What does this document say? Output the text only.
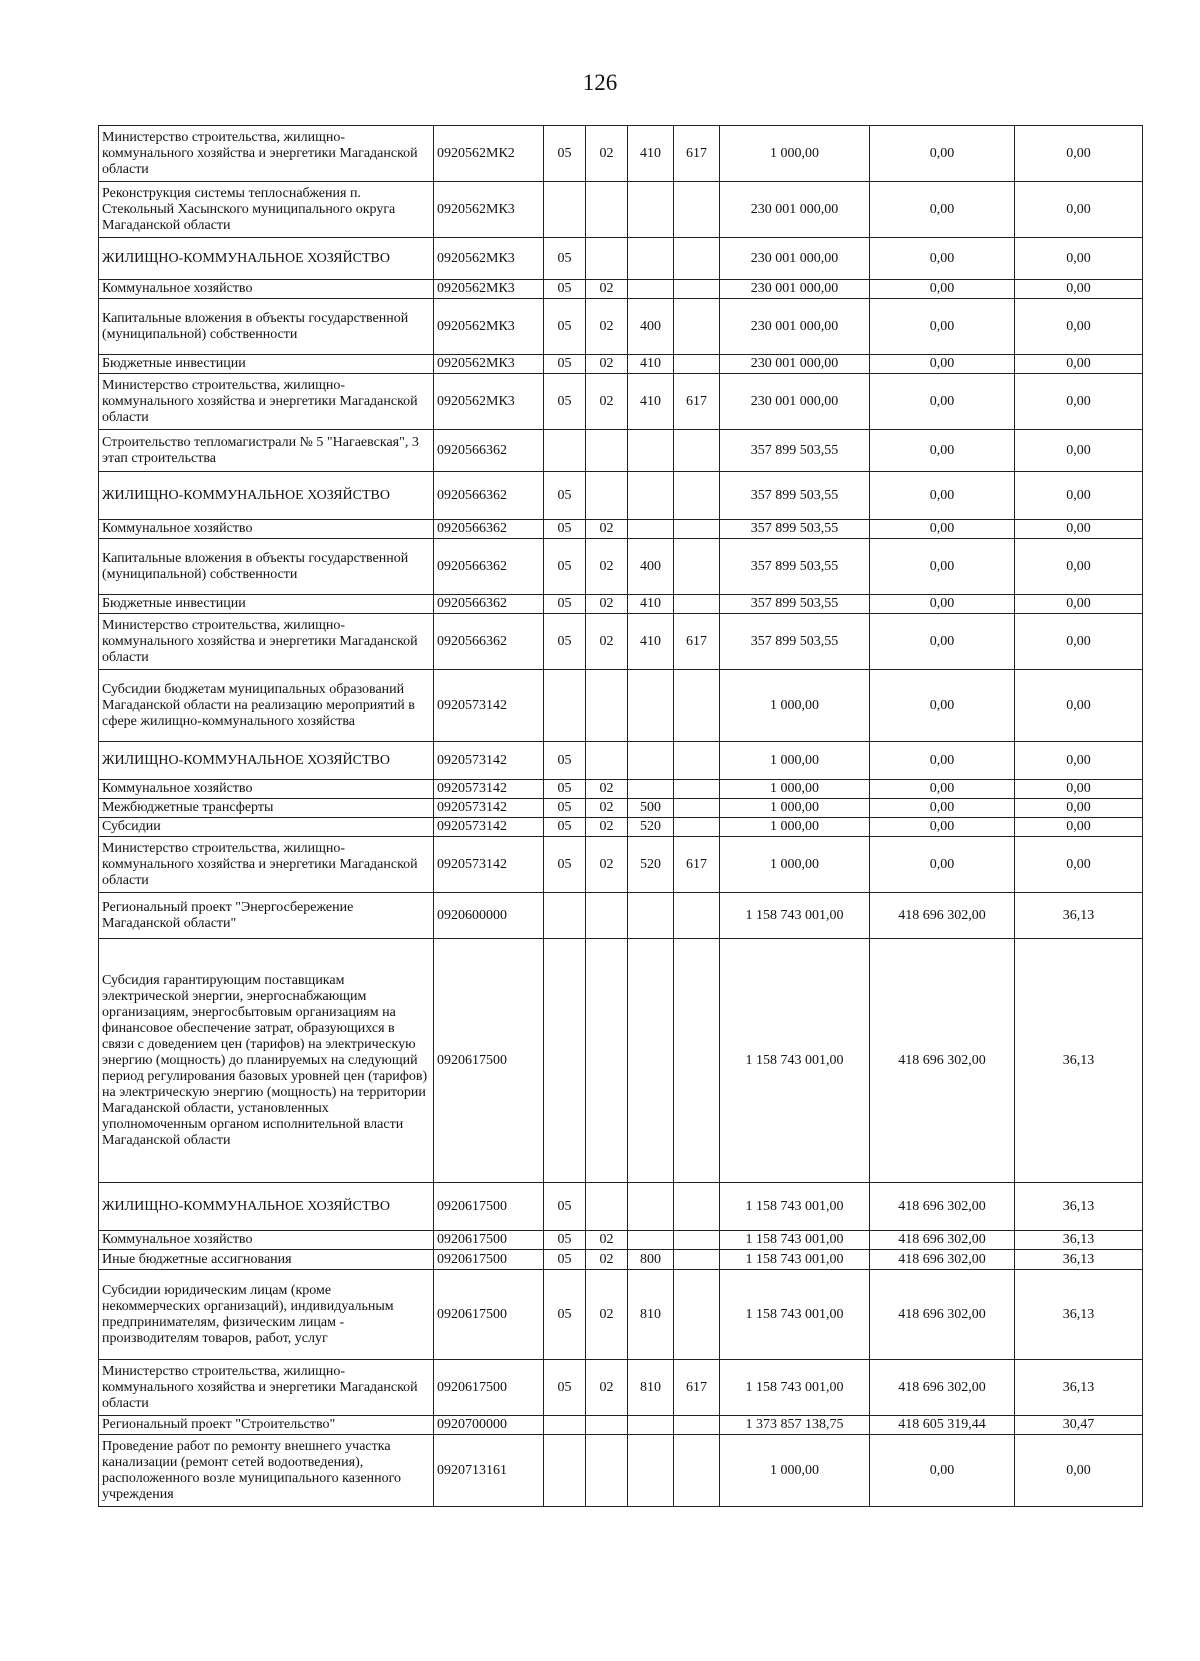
126
Министерство строительства, жилищно-коммунального хозяйства и энергетики Магаданской области	0920562МК2	05	02	410	617	1 000,00	0,00	0,00
Реконструкция системы теплоснабжения п. Стекольный Хасынского муниципального округа Магаданской области	0920562МК3					230 001 000,00	0,00	0,00
ЖИЛИЩНО-КОММУНАЛЬНОЕ ХОЗЯЙСТВО	0920562МК3	05				230 001 000,00	0,00	0,00
Коммунальное хозяйство	0920562МК3	05	02			230 001 000,00	0,00	0,00
Капитальные вложения в объекты государственной (муниципальной) собственности	0920562МК3	05	02	400		230 001 000,00	0,00	0,00
Бюджетные инвестиции	0920562МК3	05	02	410		230 001 000,00	0,00	0,00
Министерство строительства, жилищно-коммунального хозяйства и энергетики Магаданской области	0920562МК3	05	02	410	617	230 001 000,00	0,00	0,00
Строительство тепломагистрали № 5 "Нагаевская", 3 этап строительства	0920566362					357 899 503,55	0,00	0,00
ЖИЛИЩНО-КОММУНАЛЬНОЕ ХОЗЯЙСТВО	0920566362	05				357 899 503,55	0,00	0,00
Коммунальное хозяйство	0920566362	05	02			357 899 503,55	0,00	0,00
Капитальные вложения в объекты государственной (муниципальной) собственности	0920566362	05	02	400		357 899 503,55	0,00	0,00
Бюджетные инвестиции	0920566362	05	02	410		357 899 503,55	0,00	0,00
Министерство строительства, жилищно-коммунального хозяйства и энергетики Магаданской области	0920566362	05	02	410	617	357 899 503,55	0,00	0,00
Субсидии бюджетам муниципальных образований Магаданской области на реализацию мероприятий в сфере жилищно-коммунального хозяйства	0920573142					1 000,00	0,00	0,00
ЖИЛИЩНО-КОММУНАЛЬНОЕ ХОЗЯЙСТВО	0920573142	05				1 000,00	0,00	0,00
Коммунальное хозяйство	0920573142	05	02			1 000,00	0,00	0,00
Межбюджетные трансферты	0920573142	05	02	500		1 000,00	0,00	0,00
Субсидии	0920573142	05	02	520		1 000,00	0,00	0,00
Министерство строительства, жилищно-коммунального хозяйства и энергетики Магаданской области	0920573142	05	02	520	617	1 000,00	0,00	0,00
Региональный проект "Энергосбережение Магаданской области"	0920600000					1 158 743 001,00	418 696 302,00	36,13
Субсидия гарантирующим поставщикам электрической энергии, энергоснабжающим организациям, энергосбытовым организациям на финансовое обеспечение затрат, образующихся в связи с доведением цен (тарифов) на электрическую энергию (мощность) до планируемых на следующий период регулирования базовых уровней цен (тарифов) на электрическую энергию (мощность) на территории Магаданской области, установленных уполномоченным органом исполнительной власти Магаданской области	0920617500					1 158 743 001,00	418 696 302,00	36,13
ЖИЛИЩНО-КОММУНАЛЬНОЕ ХОЗЯЙСТВО	0920617500	05				1 158 743 001,00	418 696 302,00	36,13
Коммунальное хозяйство	0920617500	05	02			1 158 743 001,00	418 696 302,00	36,13
Иные бюджетные ассигнования	0920617500	05	02	800		1 158 743 001,00	418 696 302,00	36,13
Субсидии юридическим лицам (кроме некоммерческих организаций), индивидуальным предпринимателям, физическим лицам - производителям товаров, работ, услуг	0920617500	05	02	810		1 158 743 001,00	418 696 302,00	36,13
Министерство строительства, жилищно-коммунального хозяйства и энергетики Магаданской области	0920617500	05	02	810	617	1 158 743 001,00	418 696 302,00	36,13
Региональный проект "Строительство"	0920700000					1 373 857 138,75	418 605 319,44	30,47
Проведение работ по ремонту внешнего участка канализации (ремонт сетей водоотведения), расположенного возле муниципального казенного учреждения	0920713161					1 000,00	0,00	0,00
